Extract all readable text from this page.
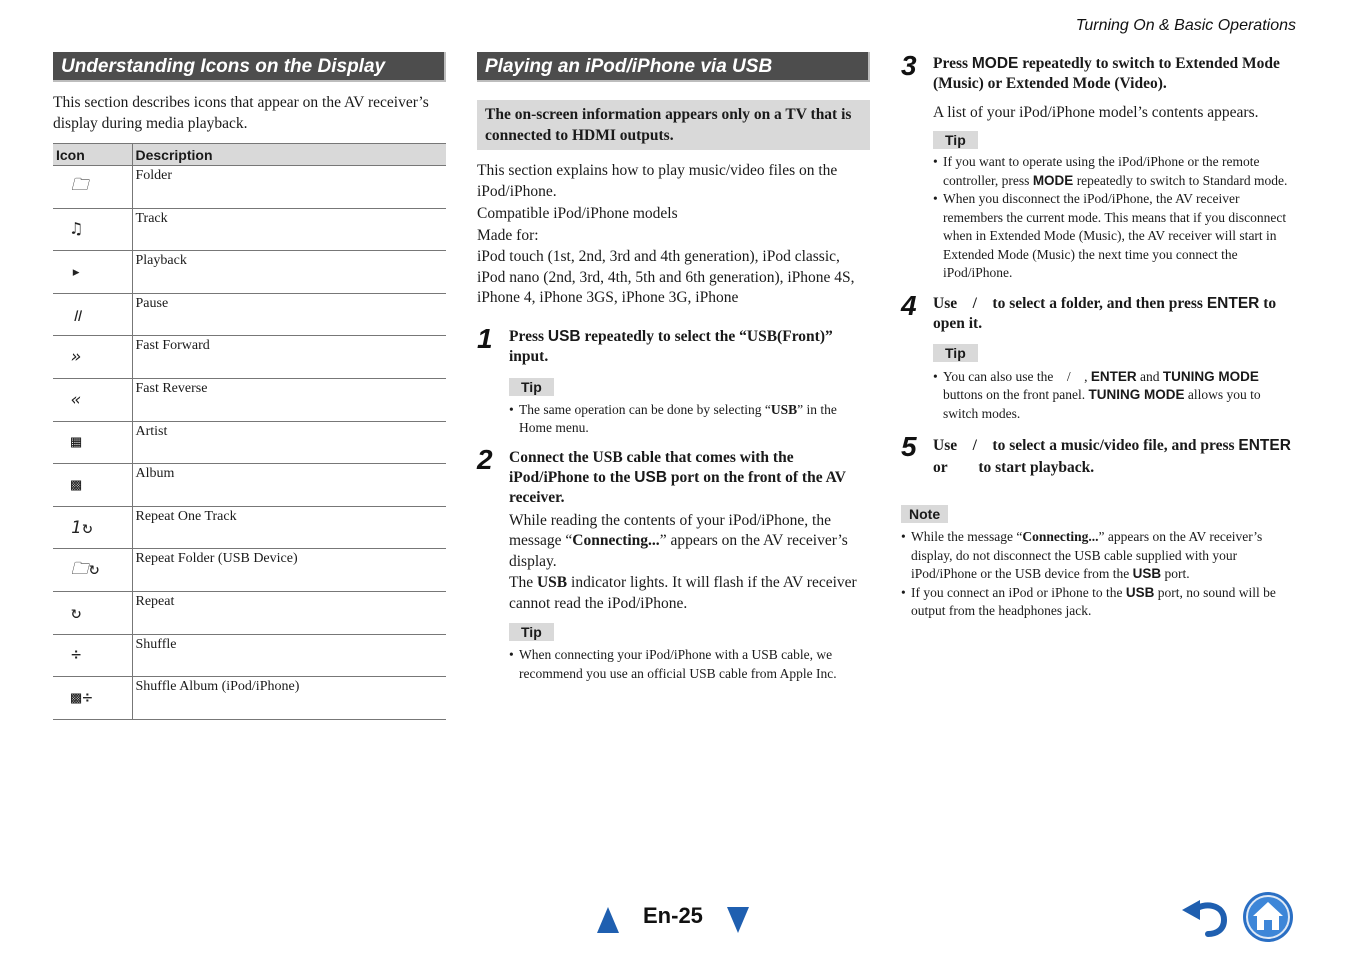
Turning On & Basic Operations
Understanding Icons on the Display

This section describes icons that appear on the AV receiver’s display during media playback.

Icon	Description
🗀	Folder
♫	Track
▸	Playback
॥	Pause
»	Fast Forward
«	Fast Reverse
▦	Artist
▩	Album
1↻	Repeat One Track
🗀↻	Repeat Folder (USB Device)
↻	Repeat
÷	Shuffle
▩÷	Shuffle Album (iPod/iPhone)
Playing an iPod/iPhone via USB
The on-screen information appears only on a TV that is connected to HDMI outputs.

This section explains how to play music/video files on the iPod/iPhone.

Compatible iPod/iPhone models

Made for:

iPod touch (1st, 2nd, 3rd and 4th generation), iPod classic, iPod nano (2nd, 3rd, 4th, 5th and 6th generation), iPhone 4S, iPhone 4, iPhone 3GS, iPhone 3G, iPhone

1 Press USB repeatedly to select the “USB(Front)” input.
Tip
• The same operation can be done by selecting “USB” in the Home menu.
2 Connect the USB cable that comes with the iPod/iPhone to the USB port on the front of the AV receiver.

While reading the contents of your iPod/iPhone, the message “Connecting...” appears on the AV receiver’s display.

The USB indicator lights. It will flash if the AV receiver cannot read the iPod/iPhone.

Tip
• When connecting your iPod/iPhone with a USB cable, we recommend you use an official USB cable from Apple Inc.
3 Press MODE repeatedly to switch to Extended Mode (Music) or Extended Mode (Video).

A list of your iPod/iPhone model’s contents appears.

Tip
• If you want to operate using the iPod/iPhone or the remote controller, press MODE repeatedly to switch to Standard mode.
• When you disconnect the iPod/iPhone, the AV receiver remembers the current mode. This means that if you disconnect when in Extended Mode (Music), the AV receiver will start in Extended Mode (Music) the next time you connect the iPod/iPhone.
4 Use    /    to select a folder, and then press ENTER to open it.
Tip
• You can also use the    /    , ENTER and TUNING MODE buttons on the front panel. TUNING MODE allows you to switch modes.
5 Use    /    to select a music/video file, and press ENTER or        to start playback.
Note
• While the message “Connecting...” appears on the AV receiver’s display, do not disconnect the USB cable supplied with your iPod/iPhone or the USB device from the USB port.
• If you connect an iPod or iPhone to the USB port, no sound will be output from the headphones jack.
En-25
